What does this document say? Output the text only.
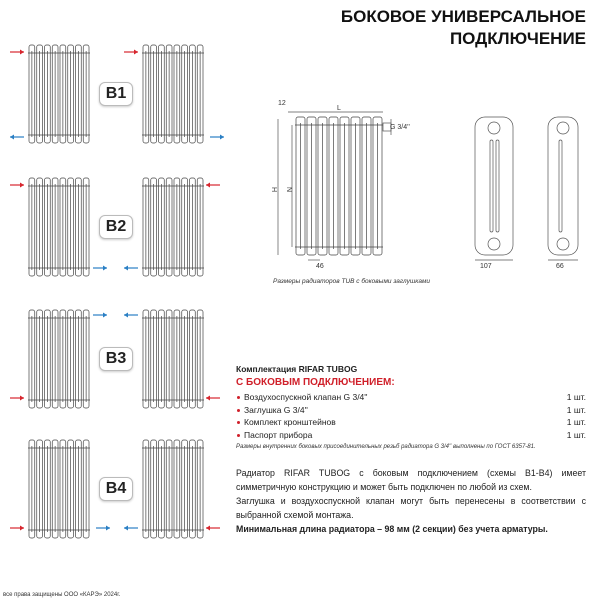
БОКОВОЕ УНИВЕРСАЛЬНОЕ
ПОДКЛЮЧЕНИЕ
B1
B2
B3
B4
12
L
G 3/4''
H N
46	107	66
Размеры радиаторов TUB с боковыми заглушками
Комплектация RIFAR TUBOG
С БОКОВЫМ ПОДКЛЮЧЕНИЕМ:
Воздухоспускной клапан G 3/4''	1 шт.
Заглушка G 3/4''	1 шт.
Комплект кронштейнов	1 шт.
Паспорт прибора	1 шт.
Размеры внутренних боковых присоединительных резьб радиатора G 3/4'' выполнены по ГОСТ 6357-81.
Радиатор RIFAR TUBOG с боковым подключением (схемы В1-В4) имеет симметричную конструкцию и может быть подключен по любой из схем.
Заглушка и воздухоспускной клапан могут быть перенесены в соответствии с выбранной схемой монтажа.
Минимальная длина радиатора – 98 мм (2 секции) без учета арматуры.
все права защищены ООО «КАРЭ» 2024г.
